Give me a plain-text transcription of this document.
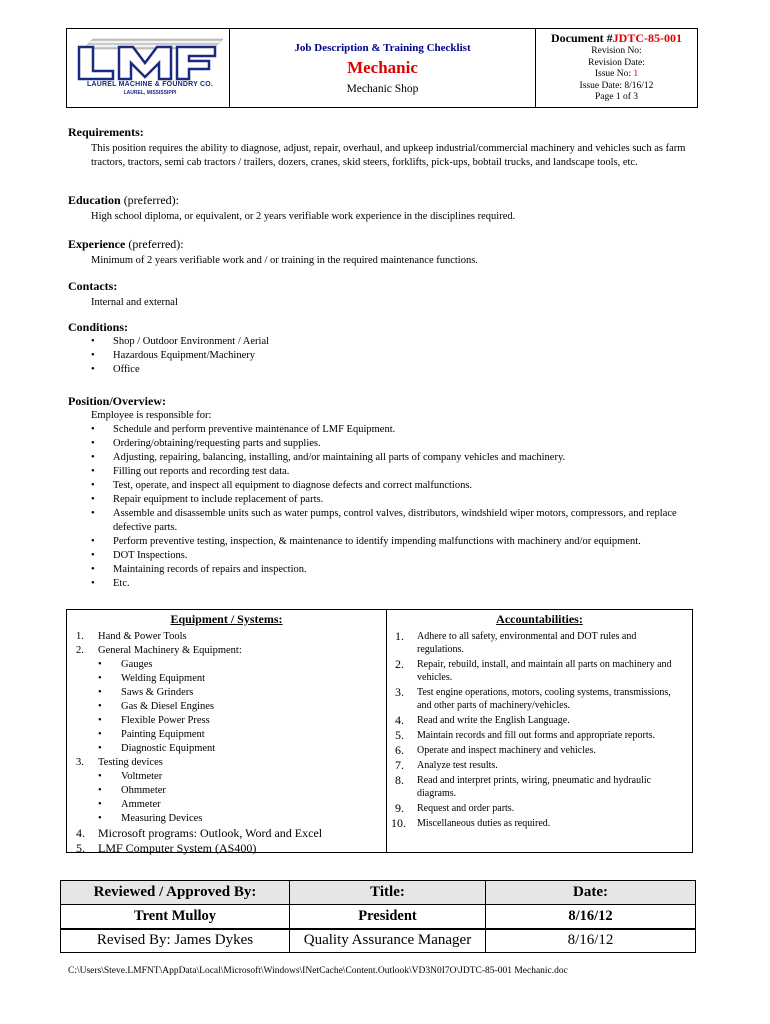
LAUREL MACHINE & FOUNDRY CO.
LAUREL, MISSISSIPPI
Job Description & Training Checklist
Mechanic
Mechanic Shop
Document #JDTC-85-001
Revision No:
Revision Date:
Issue No: 1
Issue Date: 8/16/12
Page 1 of 3
Requirements:
This position requires the ability to diagnose, adjust, repair, overhaul, and upkeep industrial/commercial machinery and vehicles such as farm tractors, tractors, semi cab tractors / trailers, dozers, cranes, skid steers, forklifts, pick-ups, bobtail trucks, and landscape tools, etc.
Education (preferred):
High school diploma, or equivalent, or 2 years verifiable work experience in the disciplines required.
Experience (preferred):
Minimum of 2 years verifiable work and / or training in the required maintenance functions.
Contacts:
Internal and external
Conditions:
• Shop / Outdoor Environment / Aerial
• Hazardous Equipment/Machinery
• Office
Position/Overview:
Employee is responsible for:
• Schedule and perform preventive maintenance of LMF Equipment.
• Ordering/obtaining/requesting parts and supplies.
• Adjusting, repairing, balancing, installing, and/or maintaining all parts of company vehicles and machinery.
• Filling out reports and recording test data.
• Test, operate, and inspect all equipment to diagnose defects and correct malfunctions.
• Repair equipment to include replacement of parts.
• Assemble and disassemble units such as water pumps, control valves, distributors, windshield wiper motors, compressors, and replace defective parts.
• Perform preventive testing, inspection, & maintenance to identify impending malfunctions with machinery and/or equipment.
• DOT Inspections.
• Maintaining records of repairs and inspection.
• Etc.
Equipment / Systems:
1. Hand & Power Tools
2. General Machinery & Equipment:
• Gauges
• Welding Equipment
• Saws & Grinders
• Gas & Diesel Engines
• Flexible Power Press
• Painting Equipment
• Diagnostic Equipment
3. Testing devices
• Voltmeter
• Ohmmeter
• Ammeter
• Measuring Devices
4. Microsoft programs: Outlook, Word and Excel
5. LMF Computer System (AS400)
Accountabilities:
1. Adhere to all safety, environmental and DOT rules and regulations.
2. Repair, rebuild, install, and maintain all parts on machinery and vehicles.
3. Test engine operations, motors, cooling systems, transmissions, and other parts of machinery/vehicles.
4. Read and write the English Language.
5. Maintain records and fill out forms and appropriate reports.
6. Operate and inspect machinery and vehicles.
7. Analyze test results.
8. Read and interpret prints, wiring, pneumatic and hydraulic diagrams.
9. Request and order parts.
10. Miscellaneous duties as required.
Reviewed / Approved By:	Title:	Date:
Trent Mulloy	President	8/16/12
Revised By: James Dykes	Quality Assurance Manager	8/16/12
C:\Users\Steve.LMFNT\AppData\Local\Microsoft\Windows\INetCache\Content.Outlook\VD3N0I7O\JDTC-85-001 Mechanic.doc
